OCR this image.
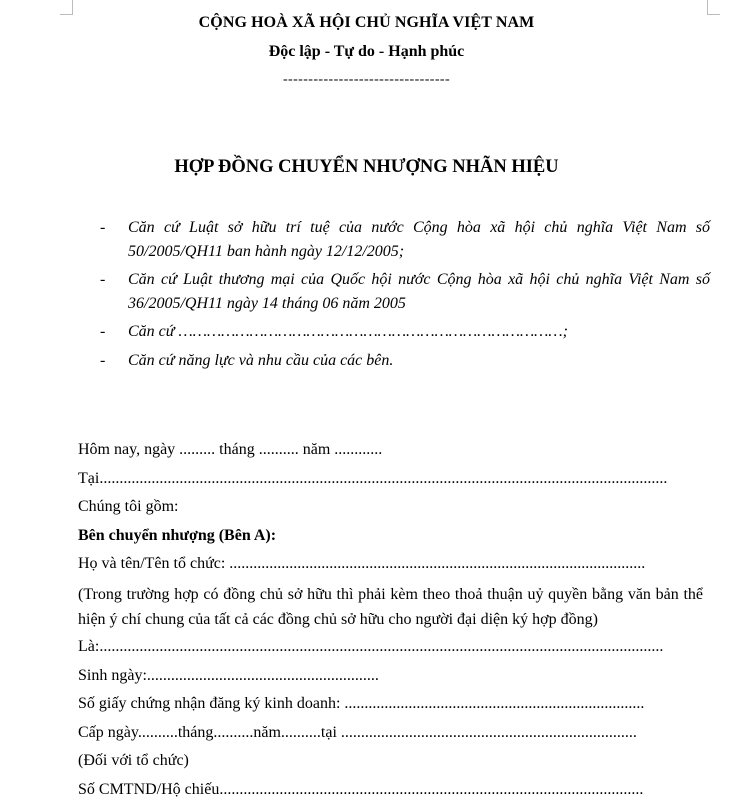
CỘNG HOÀ XÃ HỘI CHỦ NGHĨA VIỆT NAM
Độc lập - Tự do - Hạnh phúc
---------------------------------
HỢP ĐỒNG CHUYỂN NHƯỢNG NHÃN HIỆU
- Căn cứ Luật sở hữu trí tuệ của nước Cộng hòa xã hội chủ nghĩa Việt Nam số 50/2005/QH11 ban hành ngày 12/12/2005;
- Căn cứ Luật thương mại của Quốc hội nước Cộng hòa xã hội chủ nghĩa Việt Nam số 36/2005/QH11 ngày 14 tháng 06 năm 2005
- Căn cứ ………………………………………………………………………;
- Căn cứ năng lực và nhu cầu của các bên.

Hôm nay, ngày ......... tháng .......... năm ............

Tại..............................................................................................................................................

Chúng tôi gồm:

Bên chuyển nhượng (Bên A):

Họ và tên/Tên tổ chức: ........................................................................................................

(Trong trường hợp có đồng chủ sở hữu thì phải kèm theo thoả thuận uỷ quyền bằng văn bản thể hiện ý chí chung của tất cả các đồng chủ sở hữu cho người đại diện ký hợp đồng)

Là:.............................................................................................................................................

Sinh ngày:..........................................................

Số giấy chứng nhận đăng ký kinh doanh: ...........................................................................

Cấp ngày..........tháng..........năm..........tại ..........................................................................

(Đối với tổ chức)

Số CMTND/Hộ chiếu..........................................................................................................
